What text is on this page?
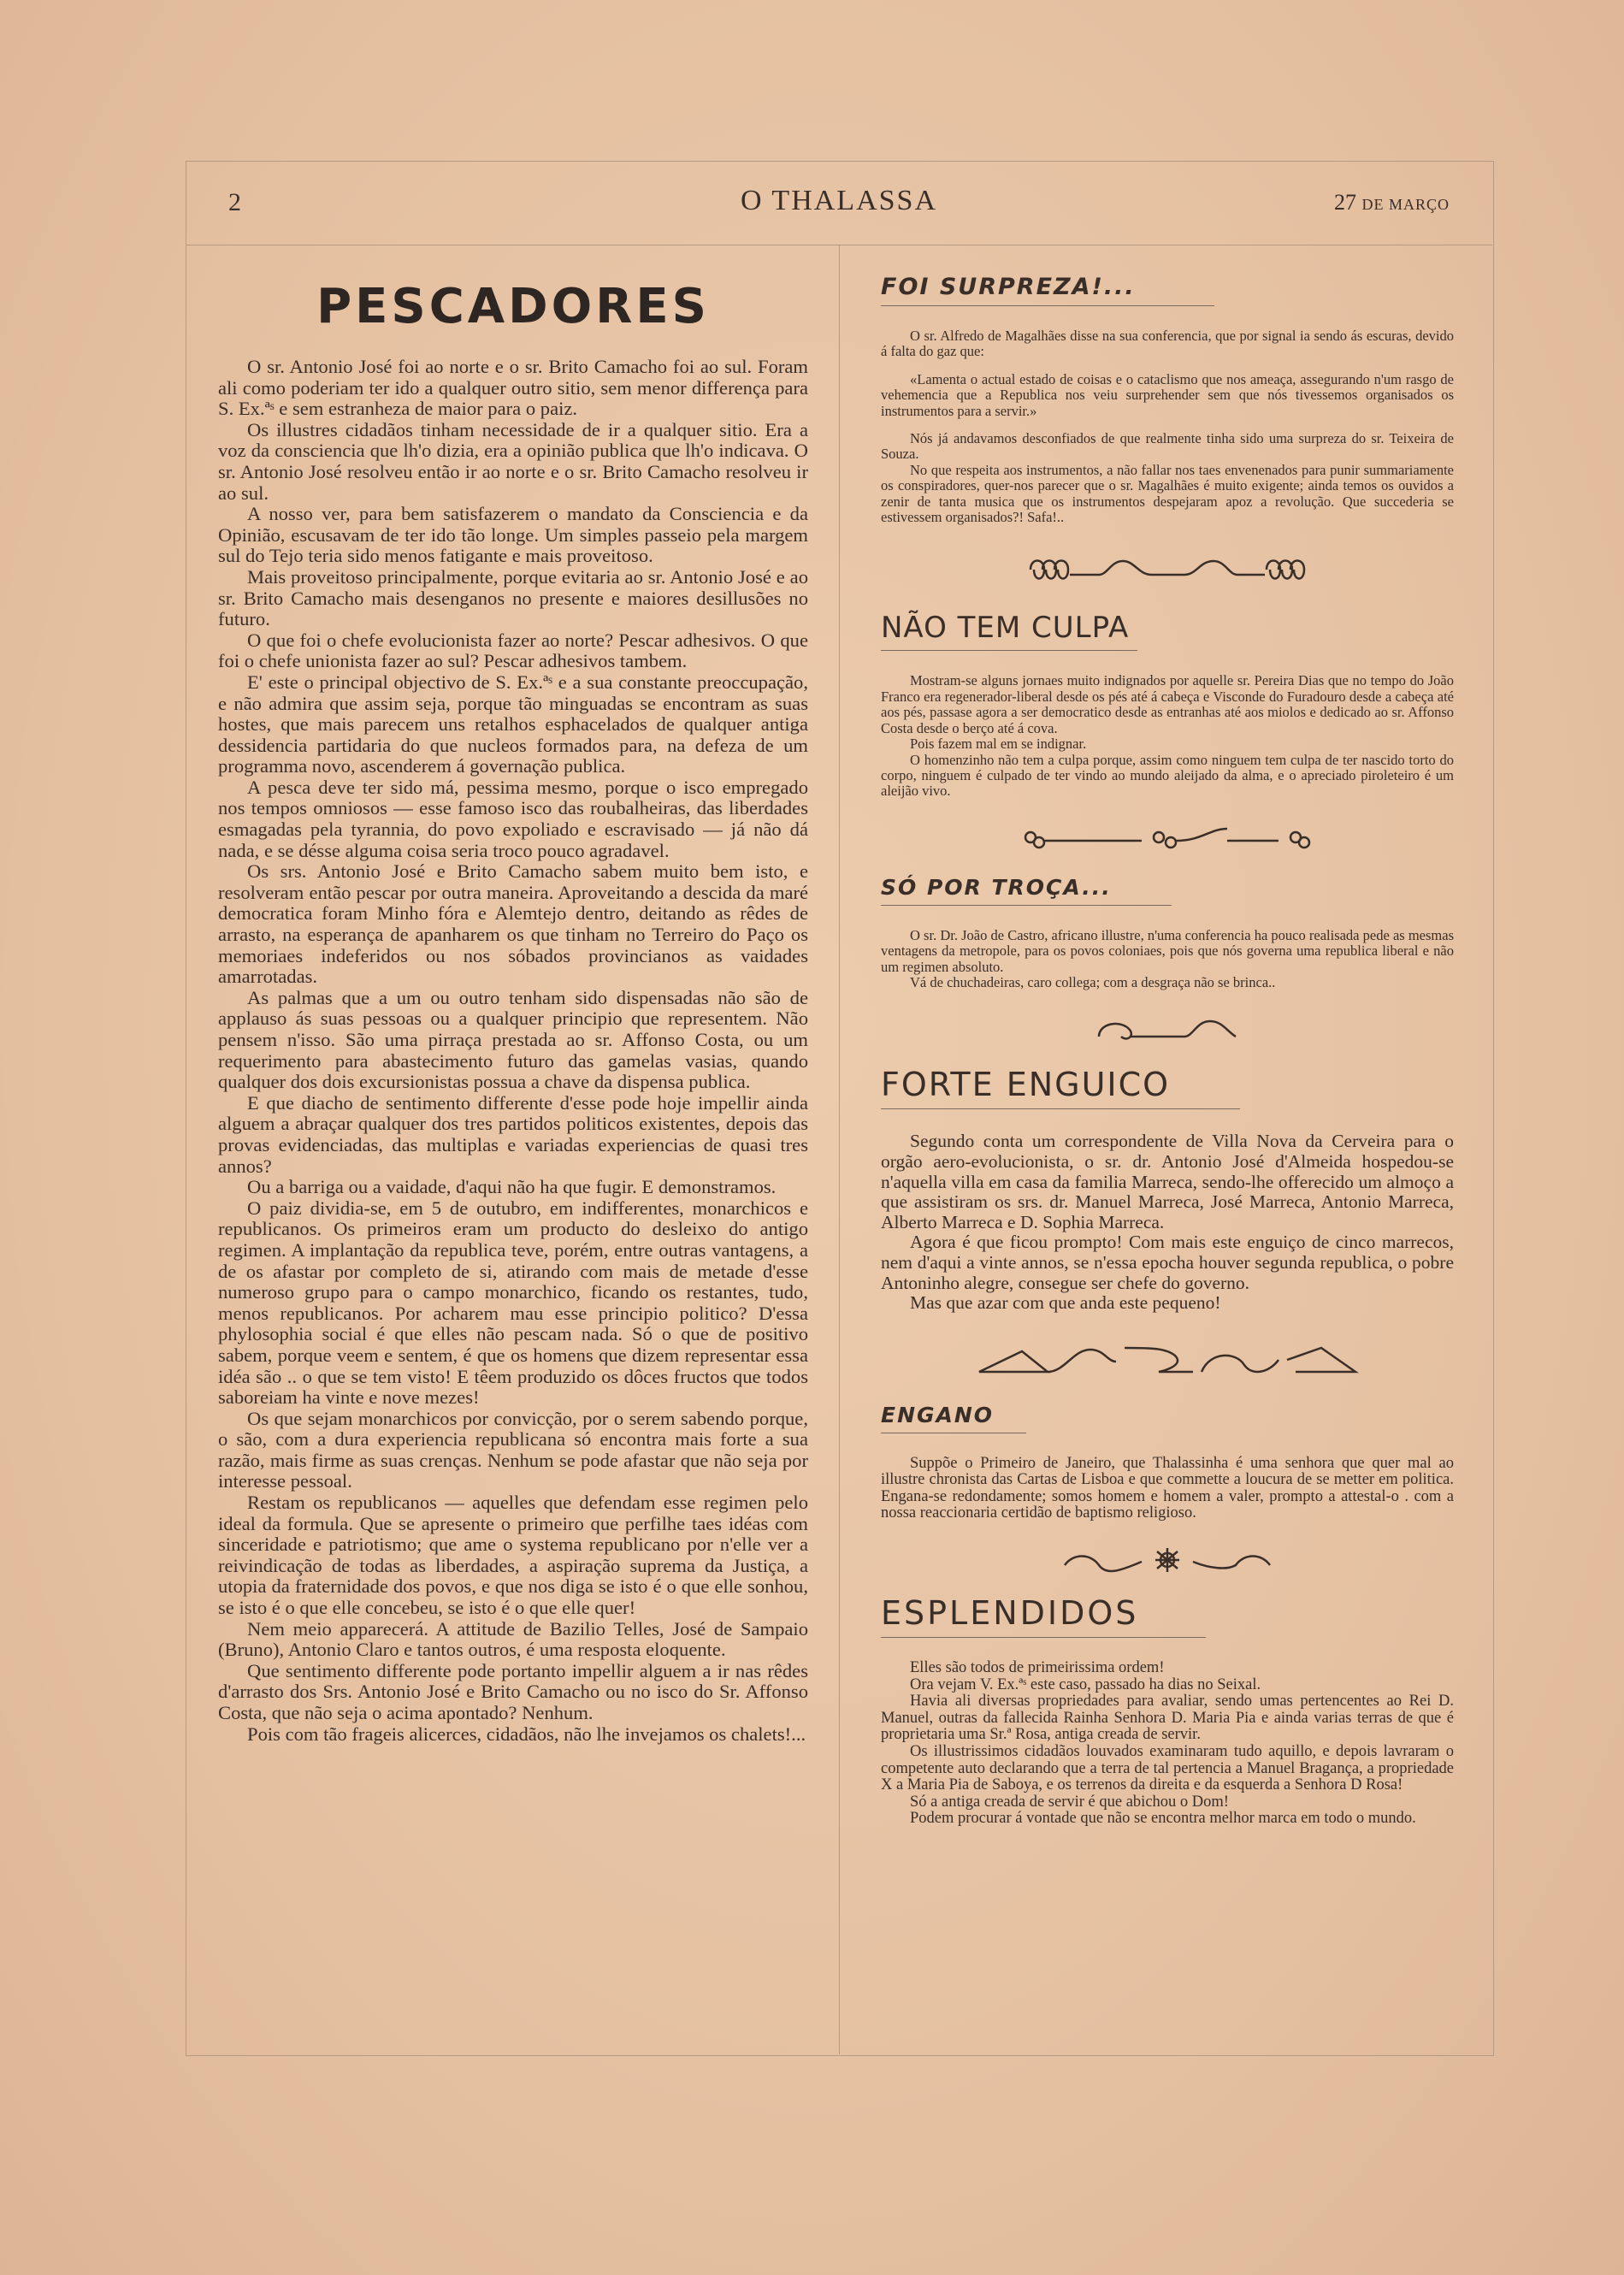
2	O THALASSA	27 DE MARÇO
PESCADORES

O sr. Antonio José foi ao norte e o sr. Brito Camacho foi ao sul. Foram ali como poderiam ter ido a qualquer outro sitio, sem menor differença para S. Ex.ªˢ e sem estranheza de maior para o paiz.

Os illustres cidadãos tinham necessidade de ir a qualquer sitio. Era a voz da consciencia que lh'o dizia, era a opinião publica que lh'o indicava. O sr. Antonio José resolveu então ir ao norte e o sr. Brito Camacho resolveu ir ao sul.

A nosso ver, para bem satisfazerem o mandato da Consciencia e da Opinião, escusavam de ter ido tão longe. Um simples passeio pela margem sul do Tejo teria sido menos fatigante e mais proveitoso.

Mais proveitoso principalmente, porque evitaria ao sr. Antonio José e ao sr. Brito Camacho mais desenganos no presente e maiores desillusões no futuro.

O que foi o chefe evolucionista fazer ao norte? Pescar adhesivos. O que foi o chefe unionista fazer ao sul? Pescar adhesivos tambem.

E' este o principal objectivo de S. Ex.ªˢ e a sua constante preoccupação, e não admira que assim seja, porque tão minguadas se encontram as suas hostes, que mais parecem uns retalhos esphacelados de qualquer antiga dessidencia partidaria do que nucleos formados para, na defeza de um programma novo, ascenderem á governação publica.

A pesca deve ter sido má, pessima mesmo, porque o isco empregado nos tempos omniosos — esse famoso isco das roubalheiras, das liberdades esmagadas pela tyrannia, do povo expoliado e escravisado — já não dá nada, e se désse alguma coisa seria troco pouco agradavel.

Os srs. Antonio José e Brito Camacho sabem muito bem isto, e resolveram então pescar por outra maneira. Aproveitando a descida da maré democratica foram Minho fóra e Alemtejo dentro, deitando as rêdes de arrasto, na esperança de apanharem os que tinham no Terreiro do Paço os memoriaes indeferidos ou nos sóbados provincianos as vaidades amarrotadas.

As palmas que a um ou outro tenham sido dispensadas não são de applauso ás suas pessoas ou a qualquer principio que representem. Não pensem n'isso. São uma pirraça prestada ao sr. Affonso Costa, ou um requerimento para abastecimento futuro das gamelas vasias, quando qualquer dos dois excursionistas possua a chave da dispensa publica.

E que diacho de sentimento differente d'esse pode hoje impellir ainda alguem a abraçar qualquer dos tres partidos politicos existentes, depois das provas evidenciadas, das multiplas e variadas experiencias de quasi tres annos?

Ou a barriga ou a vaidade, d'aqui não ha que fugir. E demonstramos.

O paiz dividia-se, em 5 de outubro, em indifferentes, monarchicos e republicanos. Os primeiros eram um producto do desleixo do antigo regimen. A implantação da republica teve, porém, entre outras vantagens, a de os afastar por completo de si, atirando com mais de metade d'esse numeroso grupo para o campo monarchico, ficando os restantes, tudo, menos republicanos. Por acharem mau esse principio politico? D'essa phylosophia social é que elles não pescam nada. Só o que de positivo sabem, porque veem e sentem, é que os homens que dizem representar essa idéa são .. o que se tem visto! E têem produzido os dôces fructos que todos saboreiam ha vinte e nove mezes!

Os que sejam monarchicos por convicção, por o serem sabendo porque, o são, com a dura experiencia republicana só encontra mais forte a sua razão, mais firme as suas crenças. Nenhum se pode afastar que não seja por interesse pessoal.

Restam os republicanos — aquelles que defendam esse regimen pelo ideal da formula. Que se apresente o primeiro que perfilhe taes idéas com sinceridade e patriotismo; que ame o systema republicano por n'elle ver a reivindicação de todas as liberdades, a aspiração suprema da Justiça, a utopia da fraternidade dos povos, e que nos diga se isto é o que elle sonhou, se isto é o que elle concebeu, se isto é o que elle quer!

Nem meio apparecerá. A attitude de Bazilio Telles, José de Sampaio (Bruno), Antonio Claro e tantos outros, é uma resposta eloquente.

Que sentimento differente pode portanto impellir alguem a ir nas rêdes d'arrasto dos Srs. Antonio José e Brito Camacho ou no isco do Sr. Affonso Costa, que não seja o acima apontado? Nenhum.

Pois com tão frageis alicerces, cidadãos, não lhe invejamos os chalets!...

FOI SURPREZA!...

O sr. Alfredo de Magalhães disse na sua conferencia, que por signal ia sendo ás escuras, devido á falta do gaz que:

«Lamenta o actual estado de coisas e o cataclismo que nos ameaça, assegurando n'um rasgo de vehemencia que a Republica nos veiu surprehender sem que nós tivessemos organisados os instrumentos para a servir.»

Nós já andavamos desconfiados de que realmente tinha sido uma surpreza do sr. Teixeira de Souza.

No que respeita aos instrumentos, a não fallar nos taes envenenados para punir summariamente os conspiradores, quer-nos parecer que o sr. Magalhães é muito exigente; ainda temos os ouvidos a zenir de tanta musica que os instrumentos despejaram apoz a revolução. Que succederia se estivessem organisados?! Safa!..

NÃO TEM CULPA

Mostram-se alguns jornaes muito indignados por aquelle sr. Pereira Dias que no tempo do João Franco era regenerador-liberal desde os pés até á cabeça e Visconde do Furadouro desde a cabeça até aos pés, passase agora a ser democratico desde as entranhas até aos miolos e dedicado ao sr. Affonso Costa desde o berço até á cova.

Pois fazem mal em se indignar.

O homenzinho não tem a culpa porque, assim como ninguem tem culpa de ter nascido torto do corpo, ninguem é culpado de ter vindo ao mundo aleijado da alma, e o apreciado piroleteiro é um aleijão vivo.

SÓ POR TROÇA...

O sr. Dr. João de Castro, africano illustre, n'uma conferencia ha pouco realisada pede as mesmas ventagens da metropole, para os povos coloniaes, pois que nós governa uma republica liberal e não um regimen absoluto.

Vá de chuchadeiras, caro collega; com a desgraça não se brinca..

FORTE ENGUICO

Segundo conta um correspondente de Villa Nova da Cerveira para o orgão aero-evolucionista, o sr. dr. Antonio José d'Almeida hospedou-se n'aquella villa em casa da familia Marreca, sendo-lhe offerecido um almoço a que assistiram os srs. dr. Manuel Marreca, José Marreca, Antonio Marreca, Alberto Marreca e D. Sophia Marreca.

Agora é que ficou prompto! Com mais este enguiço de cinco marrecos, nem d'aqui a vinte annos, se n'essa epocha houver segunda republica, o pobre Antoninho alegre, consegue ser chefe do governo.

Mas que azar com que anda este pequeno!

ENGANO

Suppõe o Primeiro de Janeiro, que Thalassinha é uma senhora que quer mal ao illustre chronista das Cartas de Lisboa e que commette a loucura de se metter em politica. Engana-se redondamente; somos homem e homem a valer, prompto a attestal-o . com a nossa reaccionaria certidão de baptismo religioso.

ESPLENDIDOS

Elles são todos de primeirissima ordem!

Ora vejam V. Ex.ªˢ este caso, passado ha dias no Seixal.

Havia ali diversas propriedades para avaliar, sendo umas pertencentes ao Rei D. Manuel, outras da fallecida Rainha Senhora D. Maria Pia e ainda varias terras de que é proprietaria uma Sr.ª Rosa, antiga creada de servir.

Os illustrissimos cidadãos louvados examinaram tudo aquillo, e depois lavraram o competente auto declarando que a terra de tal pertencia a Manuel Bragança, a propriedade X a Maria Pia de Saboya, e os terrenos da direita e da esquerda a Senhora D Rosa!

Só a antiga creada de servir é que abichou o Dom!

Podem procurar á vontade que não se encontra melhor marca em todo o mundo.
